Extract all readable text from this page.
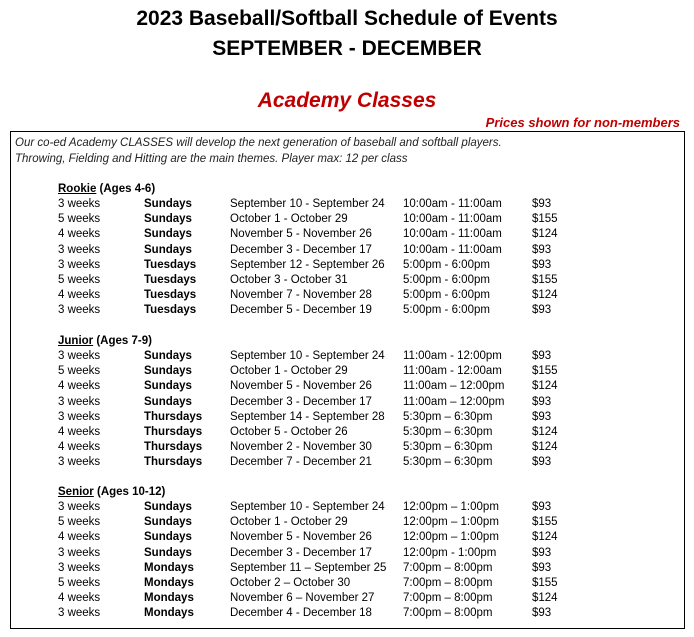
2023 Baseball/Softball Schedule of Events
SEPTEMBER - DECEMBER
Academy Classes
Prices shown for non-members
Our co-ed Academy CLASSES will develop the next generation of baseball and softball players.
Throwing, Fielding and Hitting are the main themes. Player max: 12 per class
Rookie (Ages 4-6)
3 weeks	Sundays	September 10 - September 24 10:00am - 11:00am	$93
5 weeks	Sundays	October 1 - October 29	10:00am - 11:00am	$155
4 weeks	Sundays	November 5 - November 26	10:00am - 11:00am	$124
3 weeks	Sundays	December 3 - December 17	10:00am - 11:00am	$93
3 weeks	Tuesdays	September 12 - September 26 5:00pm - 6:00pm	$93
5 weeks	Tuesdays	October 3 - October 31	5:00pm - 6:00pm	$155
4 weeks	Tuesdays	November 7 - November 28	5:00pm - 6:00pm	$124
3 weeks	Tuesdays	December 5 - December 19	5:00pm - 6:00pm	$93
Junior (Ages 7-9)
3 weeks	Sundays	September 10 - September 24 11:00am - 12:00pm	$93
5 weeks	Sundays	October 1 - October 29	11:00am - 12:00am	$155
4 weeks	Sundays	November 5 - November 26	11:00am – 12:00pm $124
3 weeks	Sundays	December 3 - December 17	11:00am – 12:00pm $93
3 weeks	Thursdays September 14 - September 28 5:30pm – 6:30pm	$93
4 weeks	Thursdays October 5 - October 26	5:30pm – 6:30pm	$124
4 weeks	Thursdays November 2 - November 30	5:30pm – 6:30pm	$124
3 weeks	Thursdays December 7 - December 21	5:30pm – 6:30pm	$93
Senior (Ages 10-12)
3 weeks	Sundays	September 10 - September 24 12:00pm – 1:00pm	$93
5 weeks	Sundays	October 1 - October 29	12:00pm – 1:00pm	$155
4 weeks	Sundays	November 5 - November 26	12:00pm – 1:00pm	$124
3 weeks	Sundays	December 3 - December 17	12:00pm - 1:00pm	$93
3 weeks	Mondays	September 11 – September 25 7:00pm – 8:00pm	$93
5 weeks	Mondays	October 2 – October 30	7:00pm – 8:00pm	$155
4 weeks	Mondays	November 6 – November 27 7:00pm – 8:00pm	$124
3 weeks	Mondays	December 4 - December 18	7:00pm – 8:00pm	$93
